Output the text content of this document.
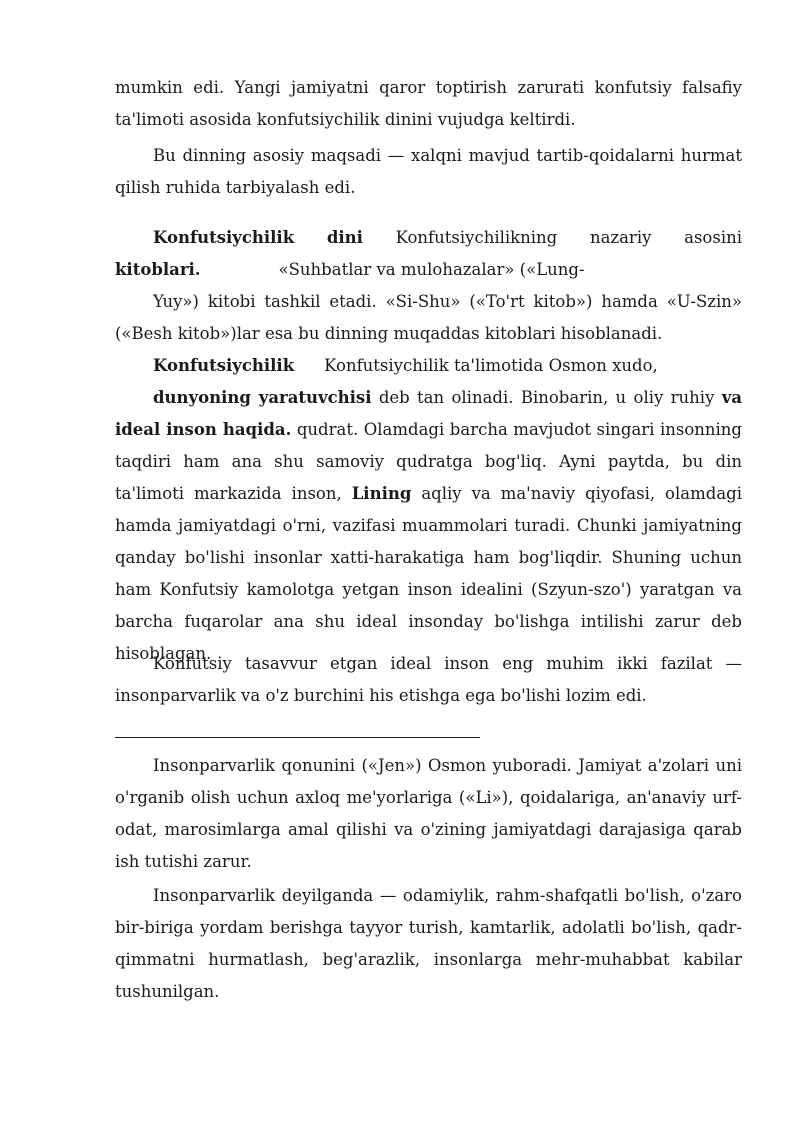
mumkin edi. Yangi jamiyatni qaror toptirish zarurati konfutsiy falsafiy ta'limoti asosida konfutsiychilik dinini vujudga keltirdi.

Bu dinning asosiy maqsadi — xalqni mavjud tartib-qoidalarni hurmat qilish ruhida tarbiyalash edi.

Konfutsiychilik dini Konfutsiychilikning nazariy asosini
kitoblari.	«Suhbatlar va mulohazalar» («Lung-

Yuy») kitobi tashkil etadi. «Si-Shu» («To'rt kitob») hamda «U-Szin» («Besh kitob»)lar esa bu dinning muqaddas kitoblari hisoblanadi.

Konfutsiychilik Konfutsiychilik ta'limotida Osmon xudo,

dunyoning yaratuvchisi deb tan olinadi. Binobarin, u oliy ruhiy va ideal inson haqida. qudrat. Olamdagi barcha mavjudot singari insonning taqdiri ham ana shu samoviy qudratga bog'liq. Ayni paytda, bu din ta'limoti markazida inson, Lining aqliy va ma'naviy qiyofasi, olamdagi hamda jamiyatdagi o'rni, vazifasi muammolari turadi. Chunki jamiyatning qanday bo'lishi insonlar xatti-harakatiga ham bog'liqdir. Shuning uchun ham Konfutsiy kamolotga yetgan inson idealini (Szyun-szo') yaratgan va barcha fuqarolar ana shu ideal insonday bo'lishga intilishi zarur deb hisoblagan.

Konfutsiy tasavvur etgan ideal inson eng muhim ikki fazilat — insonparvarlik va o'z burchini his etishga ega bo'lishi lozim edi.

Insonparvarlik qonunini («Jen») Osmon yuboradi. Jamiyat a'zolari uni o'rganib olish uchun axloq me'yorlariga («Li»), qoidalariga, an'anaviy urf-odat, marosimlarga amal qilishi va o'zining jamiyatdagi darajasiga qarab ish tutishi zarur.

Insonparvarlik deyilganda — odamiylik, rahm-shafqatli bo'lish, o'zaro bir-biriga yordam berishga tayyor turish, kamtarlik, adolatli bo'lish, qadr-qimmatni hurmatlash, beg'arazlik, insonlarga mehr-muhabbat kabilar tushunilgan.
